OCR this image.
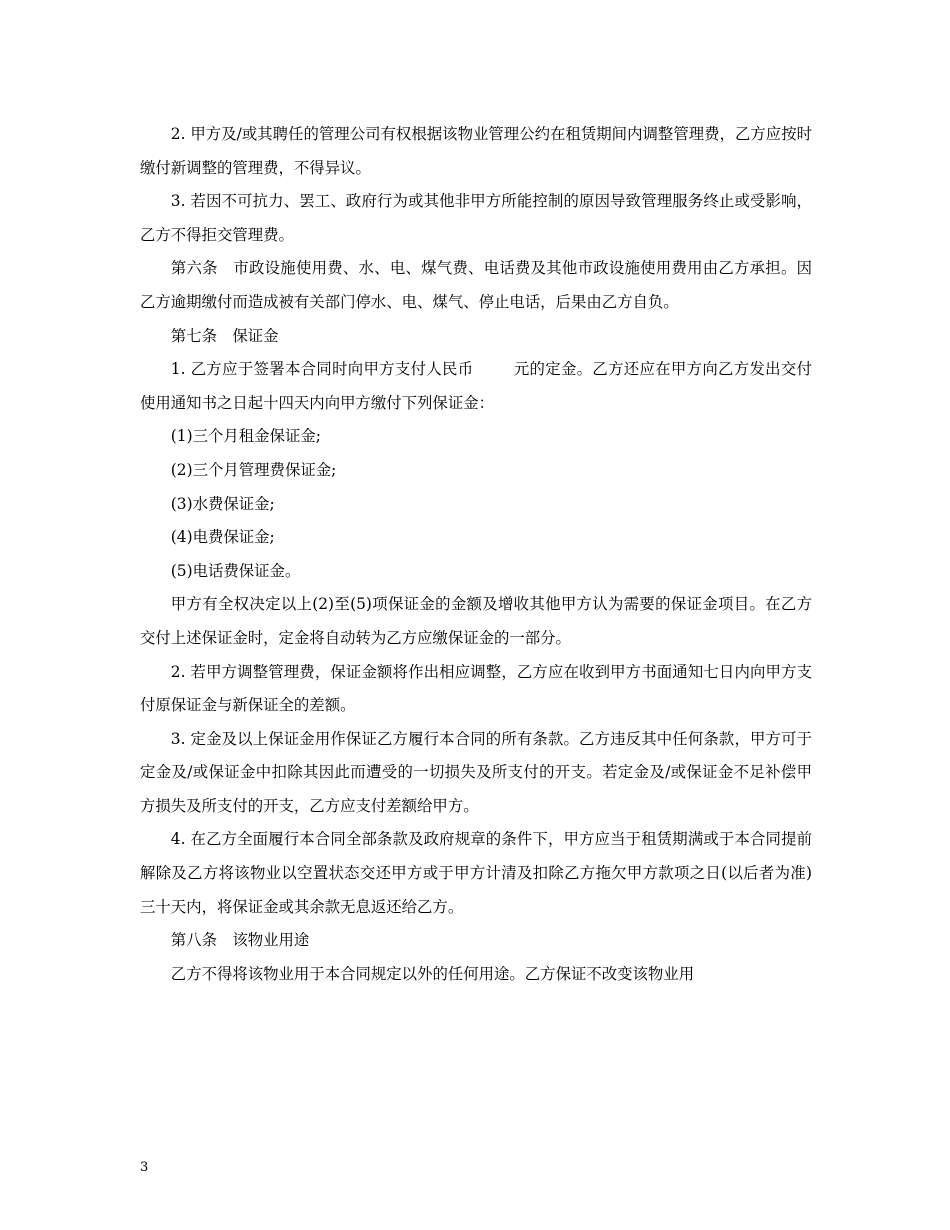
2. 甲方及/或其聘任的管理公司有权根据该物业管理公约在租赁期间内调整管理费，乙方应按时缴付新调整的管理费，不得异议。

3. 若因不可抗力、罢工、政府行为或其他非甲方所能控制的原因导致管理服务终止或受影响，乙方不得拒交管理费。

第六条　市政设施使用费、水、电、煤气费、电话费及其他市政设施使用费用由乙方承担。因乙方逾期缴付而造成被有关部门停水、电、煤气、停止电话，后果由乙方自负。

第七条　保证金

1. 乙方应于签署本合同时向甲方支付人民币	元的定金。乙方还应在甲方向乙方发出交付使用通知书之日起十四天内向甲方缴付下列保证金：

(1)三个月租金保证金;

(2)三个月管理费保证金;

(3)水费保证金;

(4)电费保证金;

(5)电话费保证金。

甲方有全权决定以上(2)至(5)项保证金的金额及增收其他甲方认为需要的保证金项目。在乙方交付上述保证金时，定金将自动转为乙方应缴保证金的一部分。

2. 若甲方调整管理费，保证金额将作出相应调整，乙方应在收到甲方书面通知七日内向甲方支付原保证金与新保证全的差额。

3. 定金及以上保证金用作保证乙方履行本合同的所有条款。乙方违反其中任何条款，甲方可于定金及/或保证金中扣除其因此而遭受的一切损失及所支付的开支。若定金及/或保证金不足补偿甲方损失及所支付的开支，乙方应支付差额给甲方。

4. 在乙方全面履行本合同全部条款及政府规章的条件下，甲方应当于租赁期满或于本合同提前解除及乙方将该物业以空置状态交还甲方或于甲方计清及扣除乙方拖欠甲方款项之日(以后者为准)三十天内，将保证金或其余款无息返还给乙方。

第八条　该物业用途

乙方不得将该物业用于本合同规定以外的任何用途。乙方保证不改变该物业用

3
